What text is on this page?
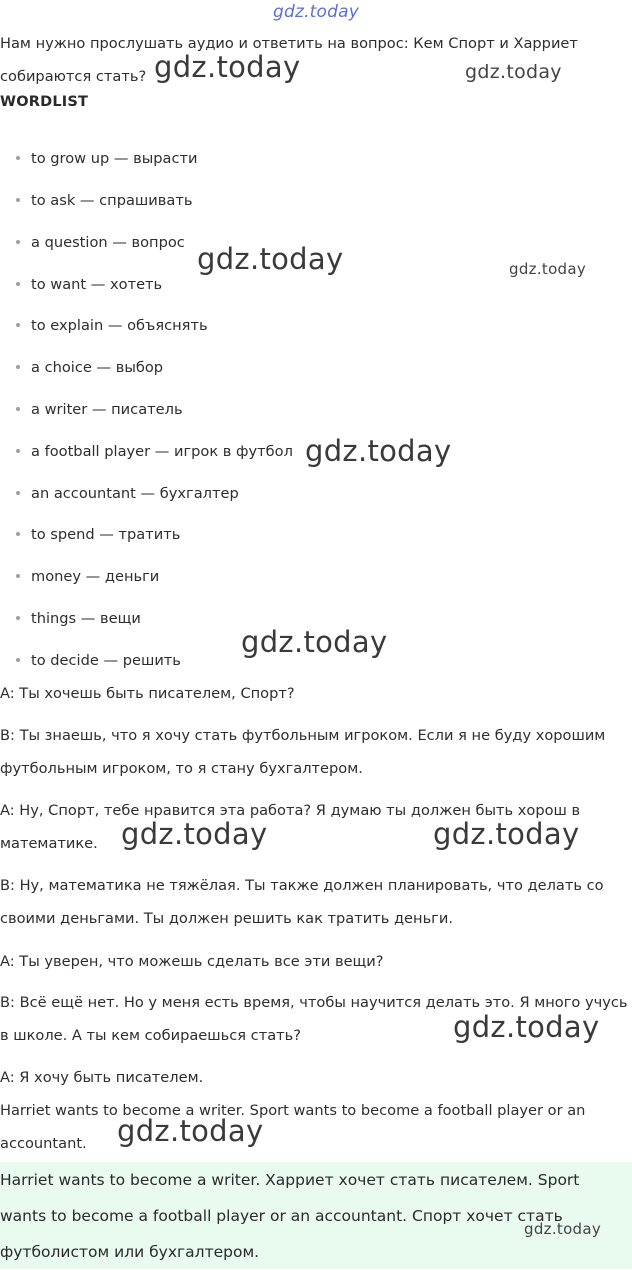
gdz.today
Нам нужно прослушать аудио и ответить на вопрос: Кем Спорт и Харриет собираются стать?
WORDLIST
to grow up — вырасти
to ask — спрашивать
a question — вопрос
to want — хотеть
to explain — объяснять
a choice — выбор
a writer — писатель
a football player — игрок в футбол
an accountant — бухгалтер
to spend — тратить
money — деньги
things — вещи
to decide — решить
A: Ты хочешь быть писателем, Спорт?
B: Ты знаешь, что я хочу стать футбольным игроком. Если я не буду хорошим футбольным игроком, то я стану бухгалтером.
A: Ну, Спорт, тебе нравится эта работа? Я думаю ты должен быть хорош в математике.
B: Ну, математика не тяжёлая. Ты также должен планировать, что делать со своими деньгами. Ты должен решить как тратить деньги.
A: Ты уверен, что можешь сделать все эти вещи?
B: Всё ещё нет. Но у меня есть время, чтобы научится делать это. Я много учусь в школе. А ты кем собираешься стать?
A: Я хочу быть писателем.
Harriet wants to become a writer. Sport wants to become a football player or an accountant.
Harriet wants to become a writer. Харриет хочет стать писателем. Sport wants to become a football player or an accountant. Спорт хочет стать футболистом или бухгалтером.
gdz.today	gdz.today
gdz.today	gdz.today
gdz.today
gdz.today
gdz.today	gdz.today
gdz.today
gdz.today
gdz.today
